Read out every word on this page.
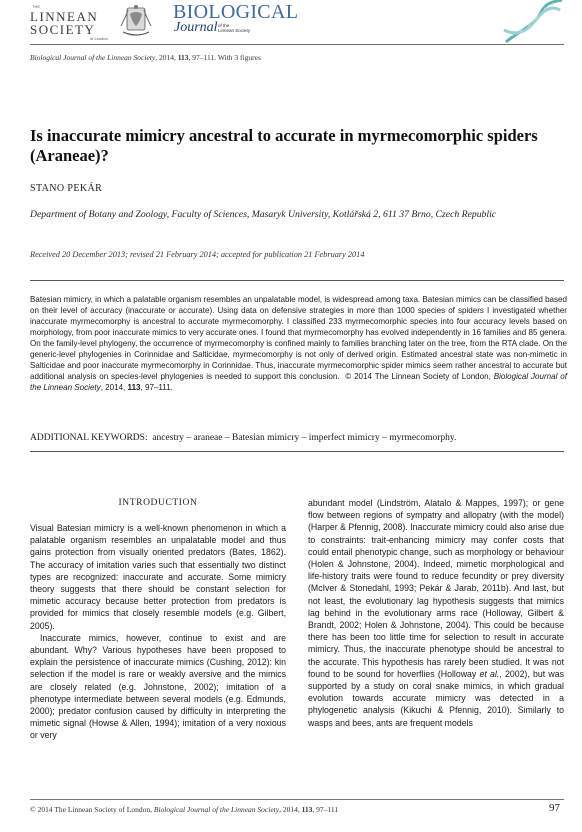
THE
LINNEAN
SOCIETY
of London
BIOLOGICAL
Journal of the
Linnean Society
Biological Journal of the Linnean Society, 2014, 113, 97–111. With 3 figures
Is inaccurate mimicry ancestral to accurate in myrmecomorphic spiders (Araneae)?
STANO PEKÁR
Department of Botany and Zoology, Faculty of Sciences, Masaryk University, Kotlářská 2, 611 37 Brno, Czech Republic
Received 20 December 2013; revised 21 February 2014; accepted for publication 21 February 2014
Batesian mimicry, in which a palatable organism resembles an unpalatable model, is widespread among taxa. Batesian mimics can be classified based on their level of accuracy (inaccurate or accurate). Using data on defensive strategies in more than 1000 species of spiders I investigated whether inaccurate myrmecomorphy is ancestral to accurate myrmecomorphy. I classified 233 myrmecomorphic species into four accuracy levels based on morphology, from poor inaccurate mimics to very accurate ones. I found that myrmecomorphy has evolved independently in 16 families and 85 genera. On the family-level phylogeny, the occurrence of myrmecomorphy is confined mainly to families branching later on the tree, from the RTA clade. On the generic-level phylogenies in Corinnidae and Salticidae, myrmecomorphy is not only of derived origin. Estimated ancestral state was non-mimetic in Salticidae and poor inaccurate myrmecomorphy in Corinnidae. Thus, inaccurate myrmecomorphic spider mimics seem rather ancestral to accurate but additional analysis on species-level phylogenies is needed to support this conclusion.  © 2014 The Linnean Society of London, Biological Journal of the Linnean Society, 2014, 113, 97–111.
ADDITIONAL KEYWORDS:  ancestry – araneae – Batesian mimicry – imperfect mimicry – myrmecomorphy.
INTRODUCTION

Visual Batesian mimicry is a well-known phenomenon in which a palatable organism resembles an unpalatable model and thus gains protection from visually oriented predators (Bates, 1862). The accuracy of imitation varies such that essentially two distinct types are recognized: inaccurate and accurate. Some mimicry theory suggests that there should be constant selection for mimetic accuracy because better protection from predators is provided for mimics that closely resemble models (e.g. Gilbert, 2005).

Inaccurate mimics, however, continue to exist and are abundant. Why? Various hypotheses have been proposed to explain the persistence of inaccurate mimics (Cushing, 2012): kin selection if the model is rare or weakly aversive and the mimics are closely related (e.g. Johnstone, 2002); imitation of a phenotype intermediate between several models (e.g. Edmunds, 2000); predator confusion caused by difficulty in interpreting the mimetic signal (Howse & Allen, 1994); imitation of a very noxious or very

abundant model (Lindström, Alatalo & Mappes, 1997); or gene flow between regions of sympatry and allopatry (with the model) (Harper & Pfennig, 2008). Inaccurate mimicry could also arise due to constraints: trait-enhancing mimicry may confer costs that could entail phenotypic change, such as morphology or behaviour (Holen & Johnstone, 2004). Indeed, mimetic morphological and life-history traits were found to reduce fecundity or prey diversity (McIver & Stonedahl, 1993; Pekár & Jarab, 2011b). And last, but not least, the evolutionary lag hypothesis suggests that mimics lag behind in the evolutionary arms race (Holloway, Gilbert & Brandt, 2002; Holen & Johnstone, 2004). This could be because there has been too little time for selection to result in accurate mimicry. Thus, the inaccurate phenotype should be ancestral to the accurate. This hypothesis has rarely been studied. It was not found to be sound for hoverflies (Holloway et al., 2002), but was supported by a study on coral snake mimics, in which gradual evolution towards accurate mimicry was detected in a phylogenetic analysis (Kikuchi & Pfennig, 2010). Similarly to wasps and bees, ants are frequent models

© 2014 The Linnean Society of London, Biological Journal of the Linnean Society, 2014, 113, 97–111	97
